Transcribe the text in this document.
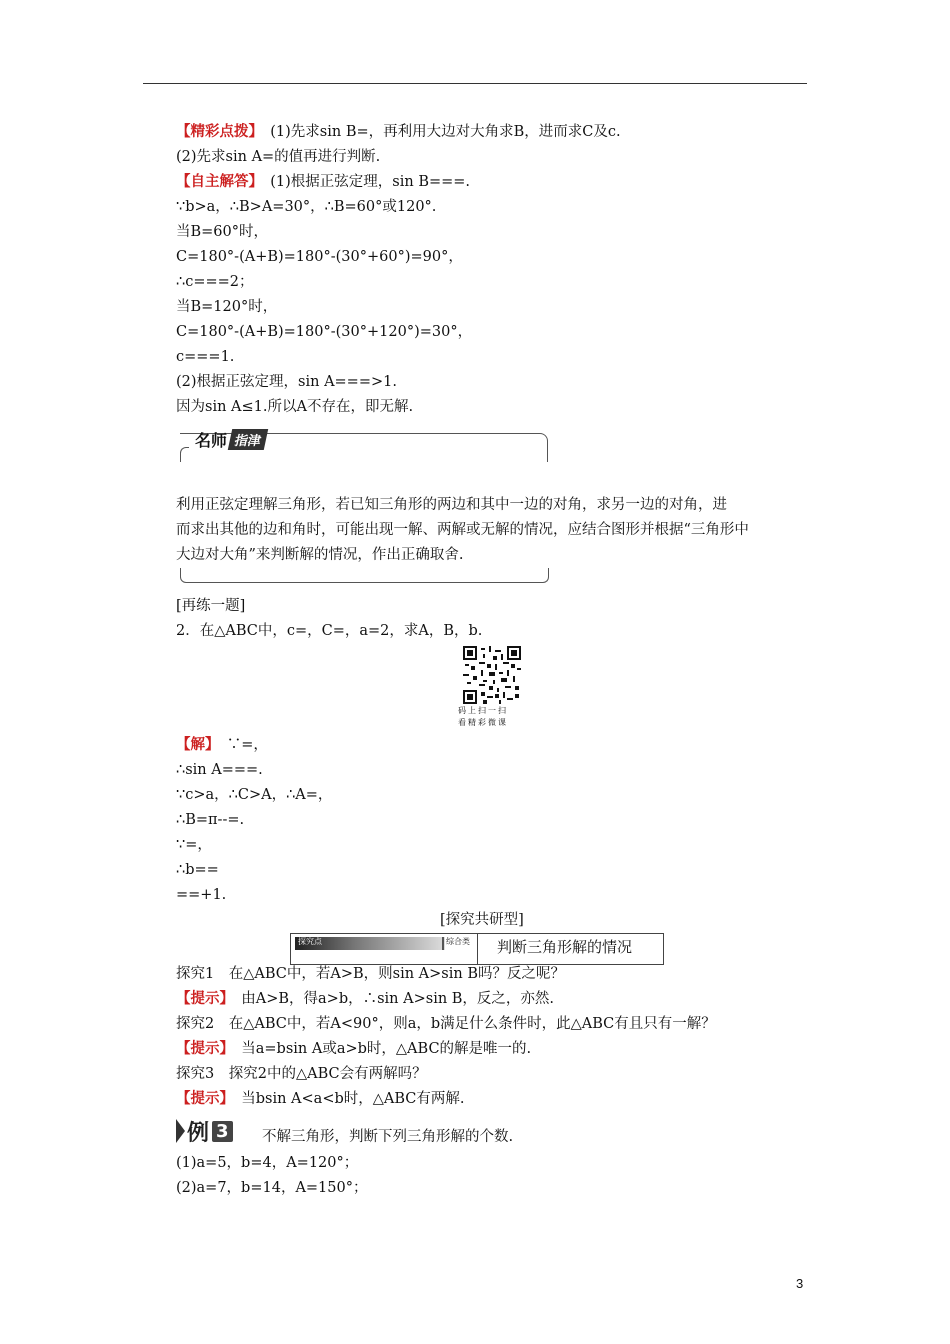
【精彩点拨】　(1)先求sin B=，再利用大边对大角求B，进而求C及c.
(2)先求sin A=的值再进行判断.
【自主解答】　(1)根据正弦定理，sin B===.
∵b>a，∴B>A=30°，∴B=60°或120°.
当B=60°时，
C=180°-(A+B)=180°-(30°+60°)=90°，
∴c===2；
当B=120°时，
C=180°-(A+B)=180°-(30°+120°)=30°，
c===1.
(2)根据正弦定理，sin A===>1.
因为sin A≤1.所以A不存在，即无解.
名师 指津
利用正弦定理解三角形，若已知三角形的两边和其中一边的对角，求另一边的对角，进
而求出其他的边和角时，可能出现一解、两解或无解的情况，应结合图形并根据“三角形中
大边对大角”来判断解的情况，作出正确取舍.
[再练一题]
2．在△ABC中，c=，C=，a=2，求A，B，b.
码上扫一扫
看精彩微课
【解】　∵=，
∴sin A===.
∵c>a，∴C>A，∴A=，
∴B=π--=.
∵=，
∴b==
==+1.
[探究共研型]
探究点	综合类 判断三角形解的情况
探究1　在△ABC中，若A>B，则sin A>sin B吗？反之呢？
【提示】　由A>B，得a>b，∴sin A>sin B，反之，亦然.
探究2　在△ABC中，若A<90°，则a，b满足什么条件时，此△ABC有且只有一解？
【提示】　当a=bsin A或a>b时，△ABC的解是唯一的.
探究3　探究2中的△ABC会有两解吗？
【提示】　当bsin A<a<b时，△ABC有两解.
例 3 不解三角形，判断下列三角形解的个数.
(1)a=5，b=4，A=120°；
(2)a=7，b=14，A=150°；
3
